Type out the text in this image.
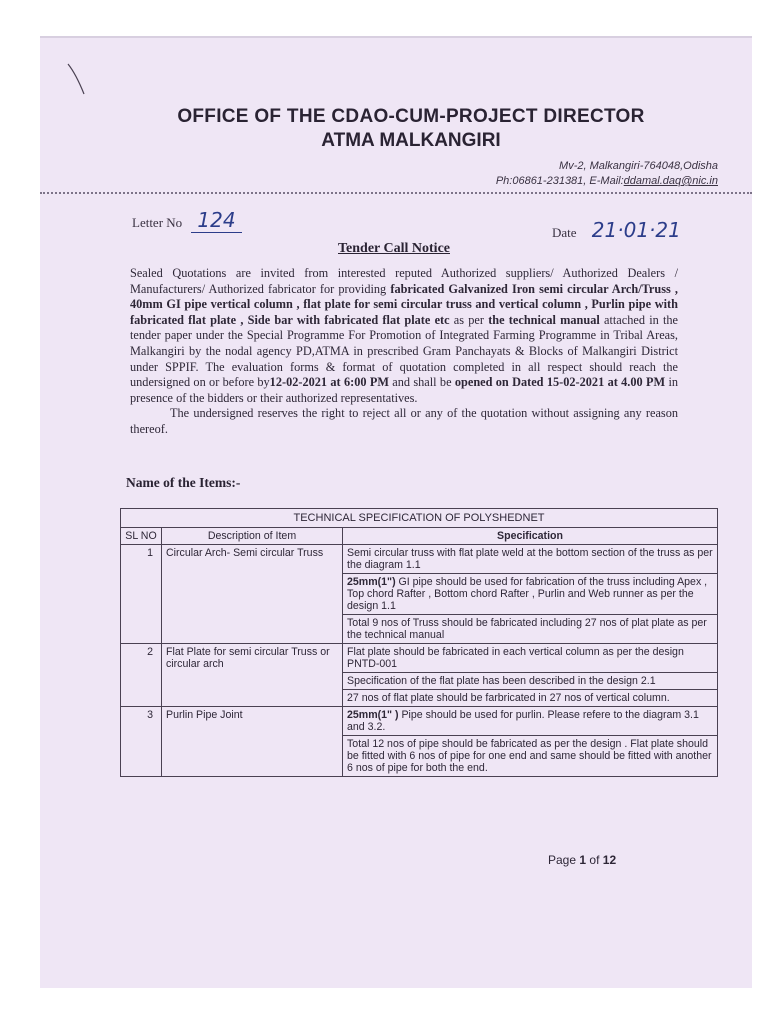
OFFICE OF THE CDAO-CUM-PROJECT DIRECTOR
ATMA MALKANGIRI
Mv-2, Malkangiri-764048,Odisha
Ph:06861-231381, E-Mail:ddamal.daq@nic.in
Letter No 124
Date 21·01·21
Tender Call Notice

Sealed Quotations are invited from interested reputed Authorized suppliers/ Authorized Dealers / Manufacturers/ Authorized fabricator for providing fabricated Galvanized Iron semi circular Arch/Truss , 40mm GI pipe vertical column , flat plate for semi circular truss and vertical column , Purlin pipe with fabricated flat plate , Side bar with fabricated flat plate etc as per the technical manual attached in the tender paper under the Special Programme For Promotion of Integrated Farming Programme in Tribal Areas, Malkangiri by the nodal agency PD,ATMA in prescribed Gram Panchayats & Blocks of Malkangiri District under SPPIF. The evaluation forms & format of quotation completed in all respect should reach the undersigned on or before by12-02-2021 at 6:00 PM and shall be opened on Dated 15-02-2021 at 4.00 PM in presence of the bidders or their authorized representatives.

The undersigned reserves the right to reject all or any of the quotation without assigning any reason thereof.

Name of the Items:-
TECHNICAL SPECIFICATION OF POLYSHEDNET		
SL NO	Description of Item	Specification
1	Circular Arch- Semi circular Truss	Semi circular truss with flat plate weld at the bottom section of the truss as per the diagram 1.1
		25mm(1") GI pipe should be used for fabrication of the truss including Apex , Top chord Rafter , Bottom chord Rafter , Purlin and Web runner as per the design 1.1
		Total 9 nos of Truss should be fabricated including 27 nos of plat plate as per the technical manual
2	Flat Plate for semi circular Truss or circular arch	Flat plate should be fabricated in each vertical column as per the design PNTD-001
		Specification of the flat plate has been described in the design 2.1
		27 nos of flat plate should be farbricated in 27 nos of vertical column.
3	Purlin Pipe Joint	25mm(1" ) Pipe should be used for purlin. Please refere to the diagram 3.1 and 3.2.
		Total 12 nos of pipe should be fabricated as per the design . Flat plate should be fitted with 6 nos of pipe for one end and same should be fitted with another 6 nos of pipe for both the end.
Page 1 of 12
